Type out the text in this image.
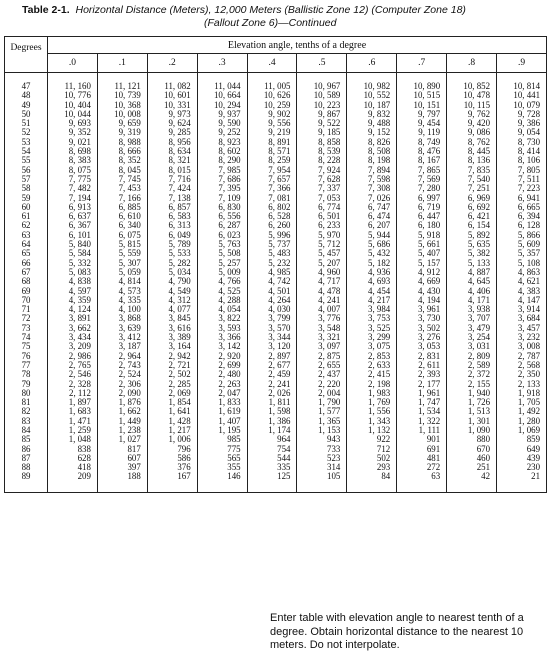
Table 2-1. Horizontal Distance (Meters), 12,000 Meters (Ballistic Zone 12) (Computer Zone 18)
(Fallout Zone 6)—Continued
Degrees	Elevation angle, tenths of a degree									
	.0	.1	.2	.3	.4	.5	.6	.7	.8	.9
47	11, 160	11, 121	11, 082	11, 044	11, 005	10, 967	10, 982	10, 890	10, 852	10, 814
48	10, 776	10, 739	10, 601	10, 664	10, 626	10, 589	10, 552	10, 515	10, 478	10, 441
49	10, 404	10, 368	10, 331	10, 294	10, 259	10, 223	10, 187	10, 151	10, 115	10, 079
50	10, 044	10, 008	9, 973	9, 937	9, 902	9, 867	9, 832	9, 797	9, 762	9, 728
51	9, 693	9, 659	9, 624	9, 590	9, 556	9, 522	9, 488	9, 454	9, 420	9, 386
52	9, 352	9, 319	9, 285	9, 252	9, 219	9, 185	9, 152	9, 119	9, 086	9, 054
53	9, 021	8, 988	8, 956	8, 923	8, 891	8, 858	8, 826	8, 749	8, 762	8, 730
54	8, 698	8, 666	8, 634	8, 602	8, 571	8, 539	8, 508	8, 476	8, 445	8, 414
55	8, 383	8, 352	8, 321	8, 290	8, 259	8, 228	8, 198	8, 167	8, 136	8, 106
56	8, 075	8, 045	8, 015	7, 985	7, 954	7, 924	7, 894	7, 865	7, 835	7, 805
57	7, 775	7, 745	7, 716	7, 686	7, 657	7, 628	7, 598	7, 569	7, 540	7, 511
58	7, 482	7, 453	7, 424	7, 395	7, 366	7, 337	7, 308	7, 280	7, 251	7, 223
59	7, 194	7, 166	7, 138	7, 109	7, 081	7, 053	7, 026	6, 997	6, 969	6, 941
60	6, 913	6, 885	6, 857	6, 830	6, 802	6, 774	6, 747	6, 719	6, 692	6, 665
61	6, 637	6, 610	6, 583	6, 556	6, 528	6, 501	6, 474	6, 447	6, 421	6, 394
62	6, 367	6, 340	6, 313	6, 287	6, 260	6, 233	6, 207	6, 180	6, 154	6, 128
63	6, 101	6, 075	6, 049	6, 023	5, 996	5, 970	5, 944	5, 918	5, 892	5, 866
64	5, 840	5, 815	5, 789	5, 763	5, 737	5, 712	5, 686	5, 661	5, 635	5, 609
65	5, 584	5, 559	5, 533	5, 508	5, 483	5, 457	5, 432	5, 407	5, 382	5, 357
66	5, 332	5, 307	5, 282	5, 257	5, 232	5, 207	5, 182	5, 157	5, 133	5, 108
67	5, 083	5, 059	5, 034	5, 009	4, 985	4, 960	4, 936	4, 912	4, 887	4, 863
68	4, 838	4, 814	4, 790	4, 766	4, 742	4, 717	4, 693	4, 669	4, 645	4, 621
69	4, 597	4, 573	4, 549	4, 525	4, 501	4, 478	4, 454	4, 430	4, 406	4, 383
70	4, 359	4, 335	4, 312	4, 288	4, 264	4, 241	4, 217	4, 194	4, 171	4, 147
71	4, 124	4, 100	4, 077	4, 054	4, 030	4, 007	3, 984	3, 961	3, 938	3, 914
72	3, 891	3, 868	3, 845	3, 822	3, 799	3, 776	3, 753	3, 730	3, 707	3, 684
73	3, 662	3, 639	3, 616	3, 593	3, 570	3, 548	3, 525	3, 502	3, 479	3, 457
74	3, 434	3, 412	3, 389	3, 366	3, 344	3, 321	3, 299	3, 276	3, 254	3, 232
75	3, 209	3, 187	3, 164	3, 142	3, 120	3, 097	3, 075	3, 053	3, 031	3, 008
76	2, 986	2, 964	2, 942	2, 920	2, 897	2, 875	2, 853	2, 831	2, 809	2, 787
77	2, 765	2, 743	2, 721	2, 699	2, 677	2, 655	2, 633	2, 611	2, 589	2, 568
78	2, 546	2, 524	2, 502	2, 480	2, 459	2, 437	2, 415	2, 393	2, 372	2, 350
79	2, 328	2, 306	2, 285	2, 263	2, 241	2, 220	2, 198	2, 177	2, 155	2, 133
80	2, 112	2, 090	2, 069	2, 047	2, 026	2, 004	1, 983	1, 961	1, 940	1, 918
81	1, 897	1, 876	1, 854	1, 833	1, 811	1, 790	1, 769	1, 747	1, 726	1, 705
82	1, 683	1, 662	1, 641	1, 619	1, 598	1, 577	1, 556	1, 534	1, 513	1, 492
83	1, 471	1, 449	1, 428	1, 407	1, 386	1, 365	1, 343	1, 322	1, 301	1, 280
84	1, 259	1, 238	1, 217	1, 195	1, 174	1, 153	1, 132	1, 111	1, 090	1, 069
85	1, 048	1, 027	1, 006	985	964	943	922	901	880	859
86	838	817	796	775	754	733	712	691	670	649
87	628	607	586	565	544	523	502	481	460	439
88	418	397	376	355	335	314	293	272	251	230
89	209	188	167	146	125	105	84	63	42	21
Enter table with elevation angle to nearest tenth of a
degree. Obtain horizontal distance to the nearest 10
meters. Do not interpolate.
